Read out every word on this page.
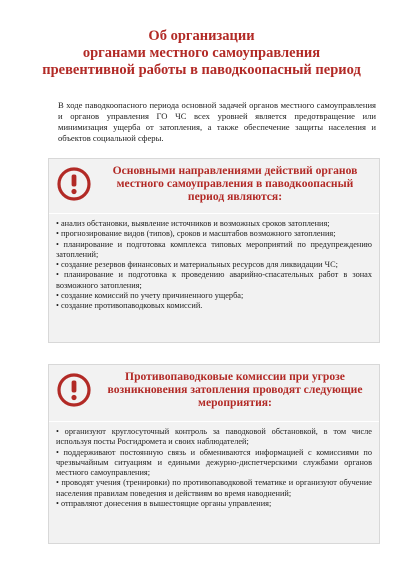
Об организации
органами местного самоуправления
превентивной работы в паводкоопасный период
В ходе паводкоопасного периода основной задачей органов местного самоуправления и органов управления ГО ЧС всех уровней является предотвращение или минимизация ущерба от затопления, а также обеспечение защиты населения и объектов социальной сферы.
Основными направлениями действий органов
местного самоуправления в паводкоопасный
период являются:

• анализ обстановки, выявление источников и возможных сроков затопления;

• прогнозирование видов (типов), сроков и масштабов возможного затопления;

• планирование и подготовка комплекса типовых мероприятий по предупреждению затоплений;

• создание резервов финансовых и материальных ресурсов для ликвидации ЧС;

• планирование и подготовка к проведению аварийно-спасательных работ в зонах возможного затопления;

• создание комиссий по учету причиненного ущерба;

• создание противопаводковых комиссий.

Противопаводковые комиссии при угрозе
возникновения затопления проводят следующие
мероприятия:

• организуют круглосуточный контроль за паводковой обстановкой, в том числе используя посты Росгидромета и своих наблюдателей;

• поддерживают постоянную связь и обмениваются информацией с комиссиями по чрезвычайным ситуациям и едиными дежурно-диспетчерскими службами органов местного самоуправления;

• проводят учения (тренировки) по противопаводковой тематике и организуют обучение населения правилам поведения и действиям во время наводнений;

• отправляют донесения в вышестоящие органы управления;
